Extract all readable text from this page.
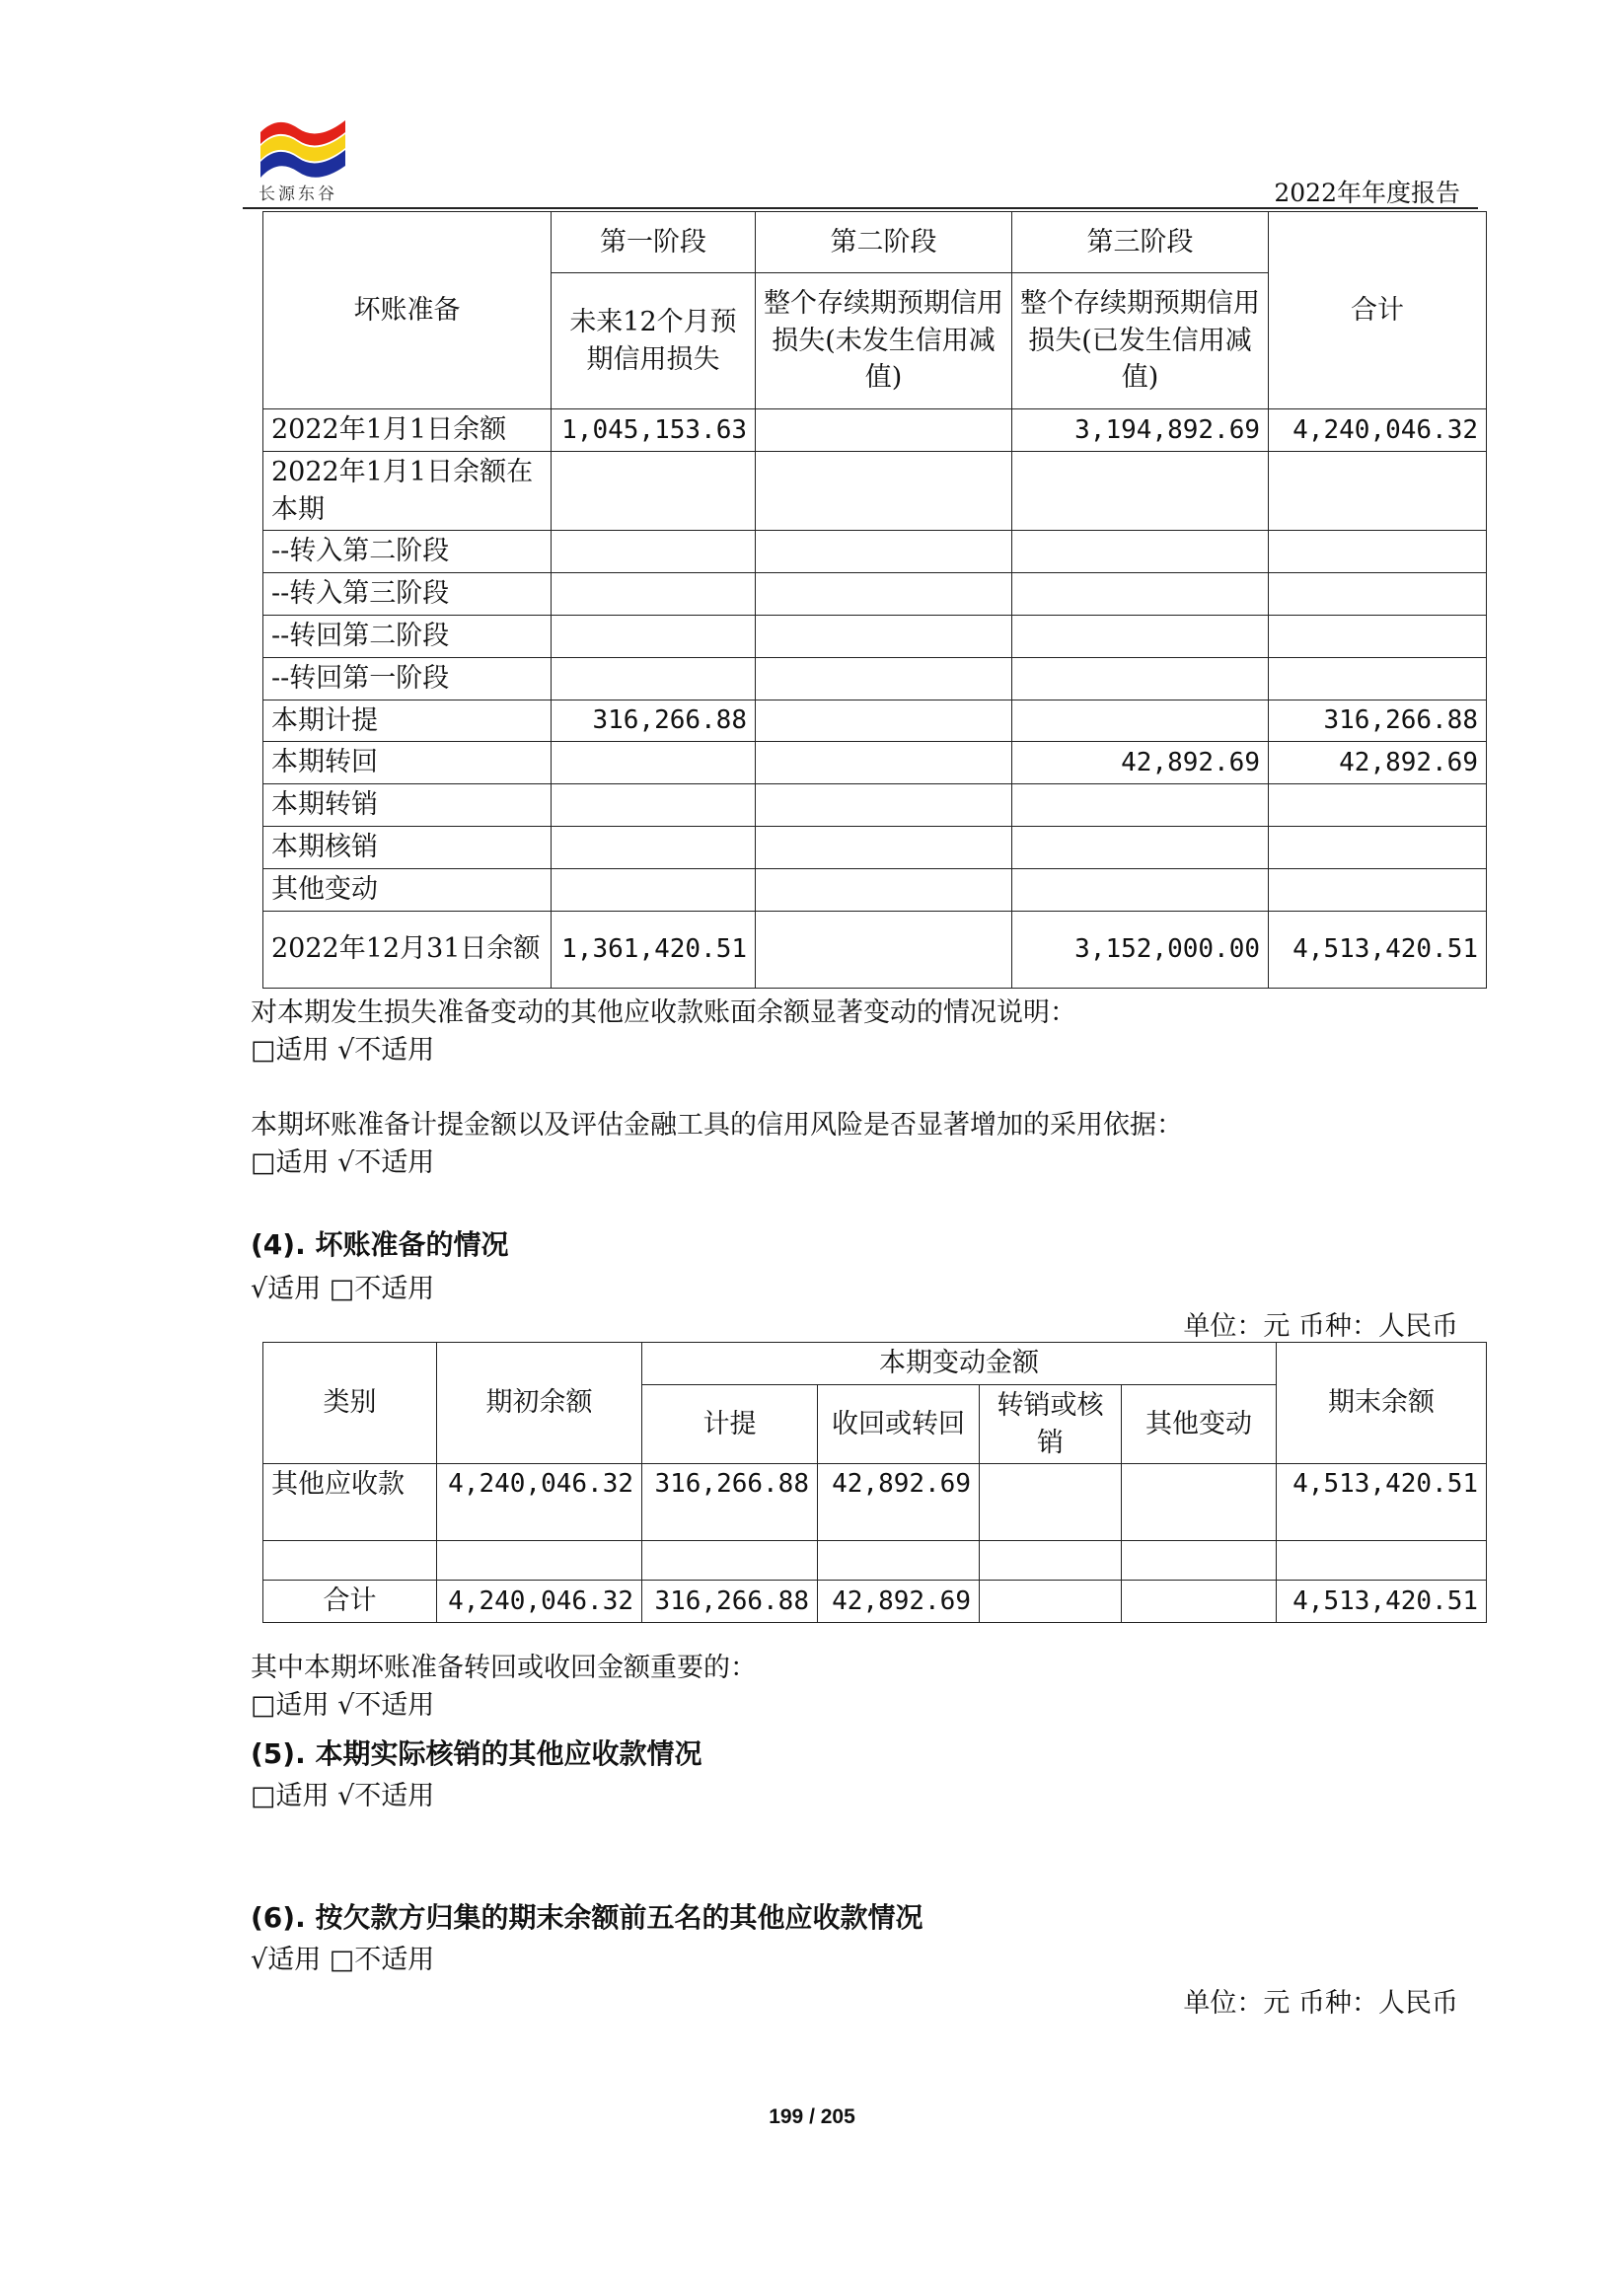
长源东谷	2022年年度报告
坏账准备	第一阶段	第二阶段	第三阶段	合计
	未来12个月预期信用损失	整个存续期预期信用损失(未发生信用减值)	整个存续期预期信用损失(已发生信用减值)	
2022年1月1日余额	1,045,153.63		3,194,892.69	4,240,046.32
2022年1月1日余额在本期				
--转入第二阶段				
--转入第三阶段				
--转回第二阶段				
--转回第一阶段				
本期计提	316,266.88			316,266.88
本期转回			42,892.69	42,892.69
本期转销				
本期核销				
其他变动				
2022年12月31日余额	1,361,420.51		3,152,000.00	4,513,420.51
对本期发生损失准备变动的其他应收款账面余额显著变动的情况说明：
□适用 √不适用
本期坏账准备计提金额以及评估金融工具的信用风险是否显著增加的采用依据：
□适用 √不适用
(4). 坏账准备的情况
√适用 □不适用
单位：元 币种：人民币
类别	期初余额	本期变动金额				期末余额
		计提	收回或转回	转销或核销	其他变动	
其他应收款	4,240,046.32	316,266.88	42,892.69			4,513,420.51

合计	4,240,046.32	316,266.88	42,892.69			4,513,420.51
其中本期坏账准备转回或收回金额重要的：
□适用 √不适用
(5). 本期实际核销的其他应收款情况
□适用 √不适用
(6). 按欠款方归集的期末余额前五名的其他应收款情况
√适用 □不适用
单位：元 币种：人民币
199 / 205
